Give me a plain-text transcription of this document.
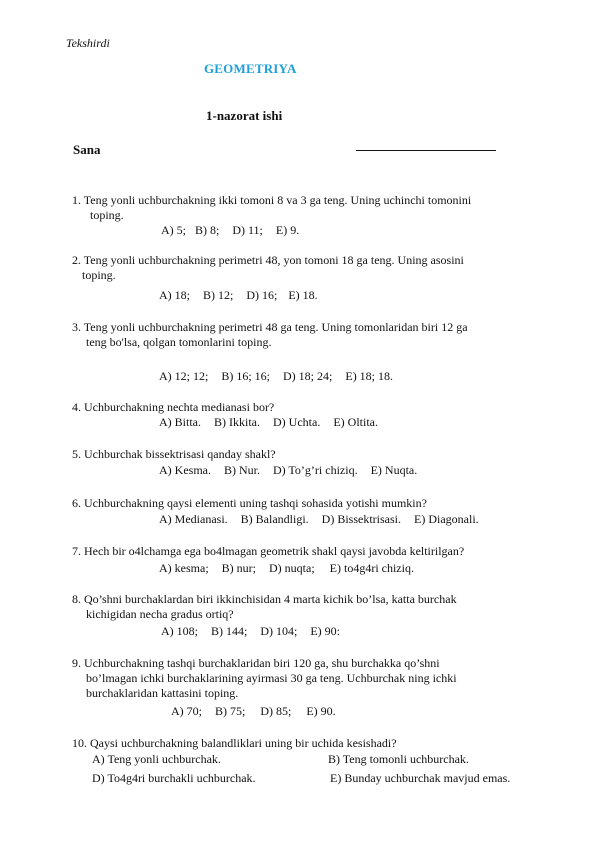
Tekshirdi
GEOMETRIYA
1-nazorat ishi
Sana
1. Teng yonli uchburchakning ikki tomoni 8 va 3 ga teng. Uning uchinchi tomonini
toping.
A) 5; B) 8; D) 11; E) 9.
2. Teng yonli uchburchakning perimetri 48, yon tomoni 18 ga teng. Uning asosini
toping.
A) 18; B) 12; D) 16; E) 18.
3. Teng yonli uchburchakning perimetri 48 ga teng. Uning tomonlaridan biri 12 ga
teng bo'lsa, qolgan tomonlarini toping.
A) 12; 12; B) 16; 16; D) 18; 24; E) 18; 18.
4. Uchburchakning nechta medianasi bor?
A) Bitta. B) Ikkita. D) Uchta. E) Oltita.
5. Uchburchak bissektrisasi qanday shakl?
A) Kesma. B) Nur. D) To’g’ri chiziq. E) Nuqta.
6. Uchburchakning qaysi elementi uning tashqi sohasida yotishi mumkin?
A) Medianasi. B) Balandligi. D) Bissektrisasi. E) Diagonali.
7. Hech bir o4lchamga ega bo4lmagan geometrik shakl qaysi javobda keltirilgan?
A) kesma; B) nur; D) nuqta; E) to4g4ri chiziq.
8. Qo’shni burchaklardan biri ikkinchisidan 4 marta kichik bo’lsa, katta burchak
kichigidan necha gradus ortiq?
A) 108; B) 144; D) 104; E) 90:
9. Uchburchakning tashqi burchaklaridan biri 120 ga, shu burchakka qo’shni
bo’lmagan ichki burchaklarining ayirmasi 30 ga teng. Uchburchak ning ichki
burchaklaridan kattasini toping.
A) 70; B) 75; D) 85; E) 90.
10. Qaysi uchburchakning balandliklari uning bir uchida kesishadi?
A) Teng yonli uchburchak.	B) Teng tomonli uchburchak.
D) To4g4ri burchakli uchburchak.	E) Bunday uchburchak mavjud emas.
